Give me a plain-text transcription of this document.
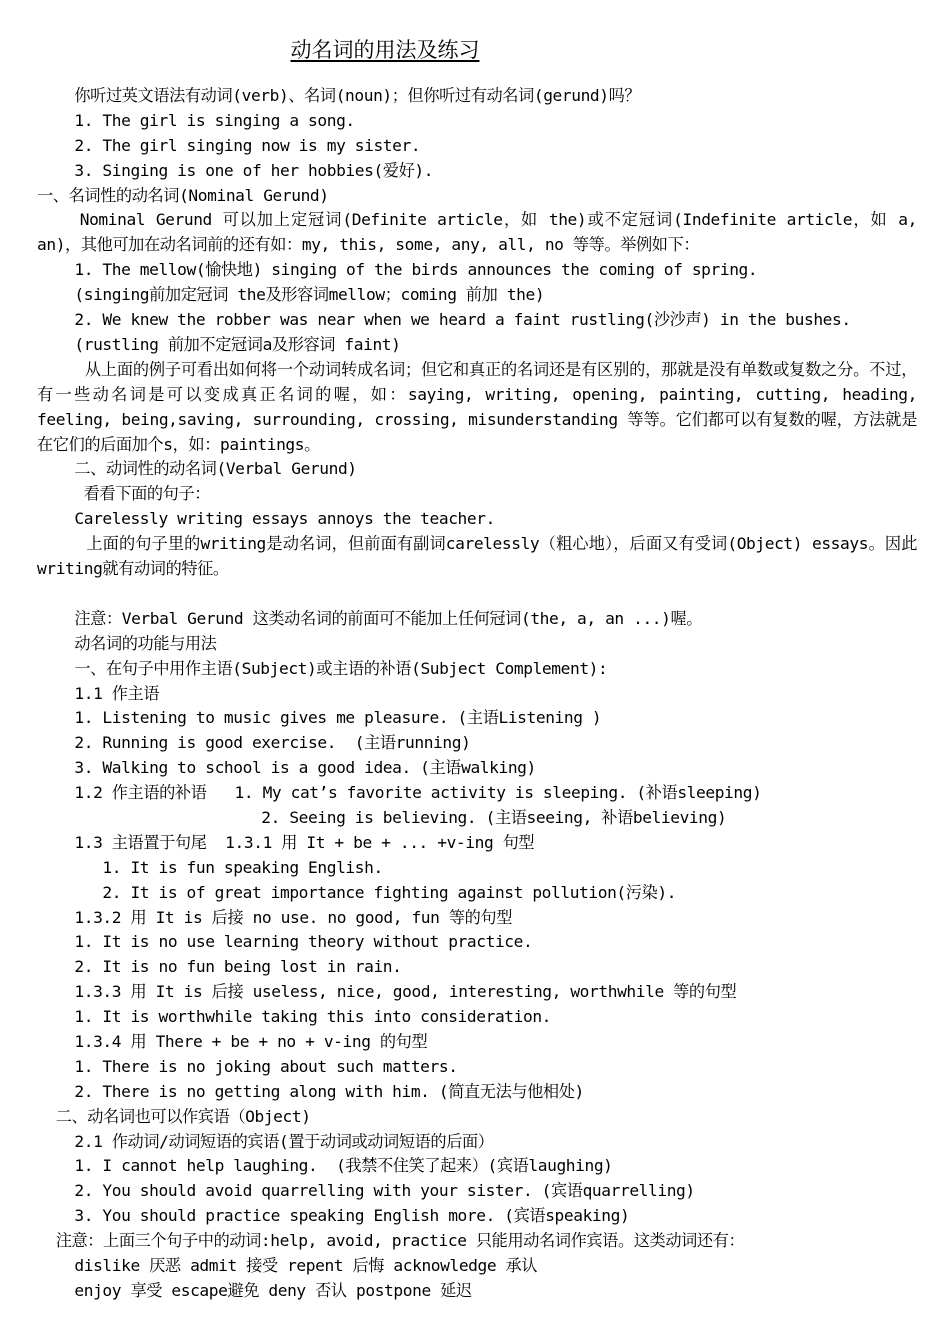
动名词的用法及练习
你听过英文语法有动词(verb)、名词(noun)；但你听过有动名词(gerund)吗？
1. The girl is singing a song.
2. The girl singing now is my sister.
3. Singing is one of her hobbies(爱好).
一、名词性的动名词(Nominal Gerund)
Nominal Gerund 可以加上定冠词(Definite article，如 the)或不定冠词(Indefinite article，如 a, an)，其他可加在动名词前的还有如：my, this, some, any, all, no 等等。举例如下：
1. The mellow(愉快地) singing of the birds announces the coming of spring.
(singing前加定冠词 the及形容词mellow；coming 前加 the)
2. We knew the robber was near when we heard a faint rustling(沙沙声) in the bushes.
(rustling 前加不定冠词a及形容词 faint)
从上面的例子可看出如何将一个动词转成名词；但它和真正的名词还是有区别的，那就是没有单数或复数之分。不过，有一些动名词是可以变成真正名词的喔，如：saying, writing, opening, painting, cutting, heading, feeling, being,saving, surrounding, crossing, misunderstanding 等等。它们都可以有复数的喔，方法就是在它们的后面加个s，如：paintings。
二、动词性的动名词(Verbal Gerund)
看看下面的句子：
Carelessly writing essays annoys the teacher.
上面的句子里的writing是动名词，但前面有副词carelessly（粗心地），后面又有受词(Object) essays。因此writing就有动词的特征。
注意：Verbal Gerund 这类动名词的前面可不能加上任何冠词(the, a, an ...)喔。
动名词的功能与用法
一、在句子中用作主语(Subject)或主语的补语(Subject Complement):
1.1 作主语
1. Listening to music gives me pleasure. (主语Listening )
2. Running is good exercise.  (主语running)
3. Walking to school is a good idea. (主语walking)
1.2 作主语的补语   1. My cat’s favorite activity is sleeping. (补语sleeping)
2. Seeing is believing. (主语seeing, 补语believing)
1.3 主语置于句尾  1.3.1 用 It + be + ... +v-ing 句型
1. It is fun speaking English.
2. It is of great importance fighting against pollution(污染).
1.3.2 用 It is 后接 no use. no good, fun 等的句型
1. It is no use learning theory without practice.
2. It is no fun being lost in rain.
1.3.3 用 It is 后接 useless, nice, good, interesting, worthwhile 等的句型
1. It is worthwhile taking this into consideration.
1.3.4 用 There + be + no + v-ing 的句型
1. There is no joking about such matters.
2. There is no getting along with him. (简直无法与他相处)
二、动名词也可以作宾语（Object)
2.1 作动词/动词短语的宾语(置于动词或动词短语的后面）
1. I cannot help laughing.  (我禁不住笑了起来）(宾语laughing)
2. You should avoid quarrelling with your sister. (宾语quarrelling)
3. You should practice speaking English more. (宾语speaking)
注意：上面三个句子中的动词:help, avoid, practice 只能用动名词作宾语。这类动词还有：
dislike 厌恶 admit 接受 repent 后悔 acknowledge 承认
enjoy 享受 escape避免 deny 否认 postpone 延迟
